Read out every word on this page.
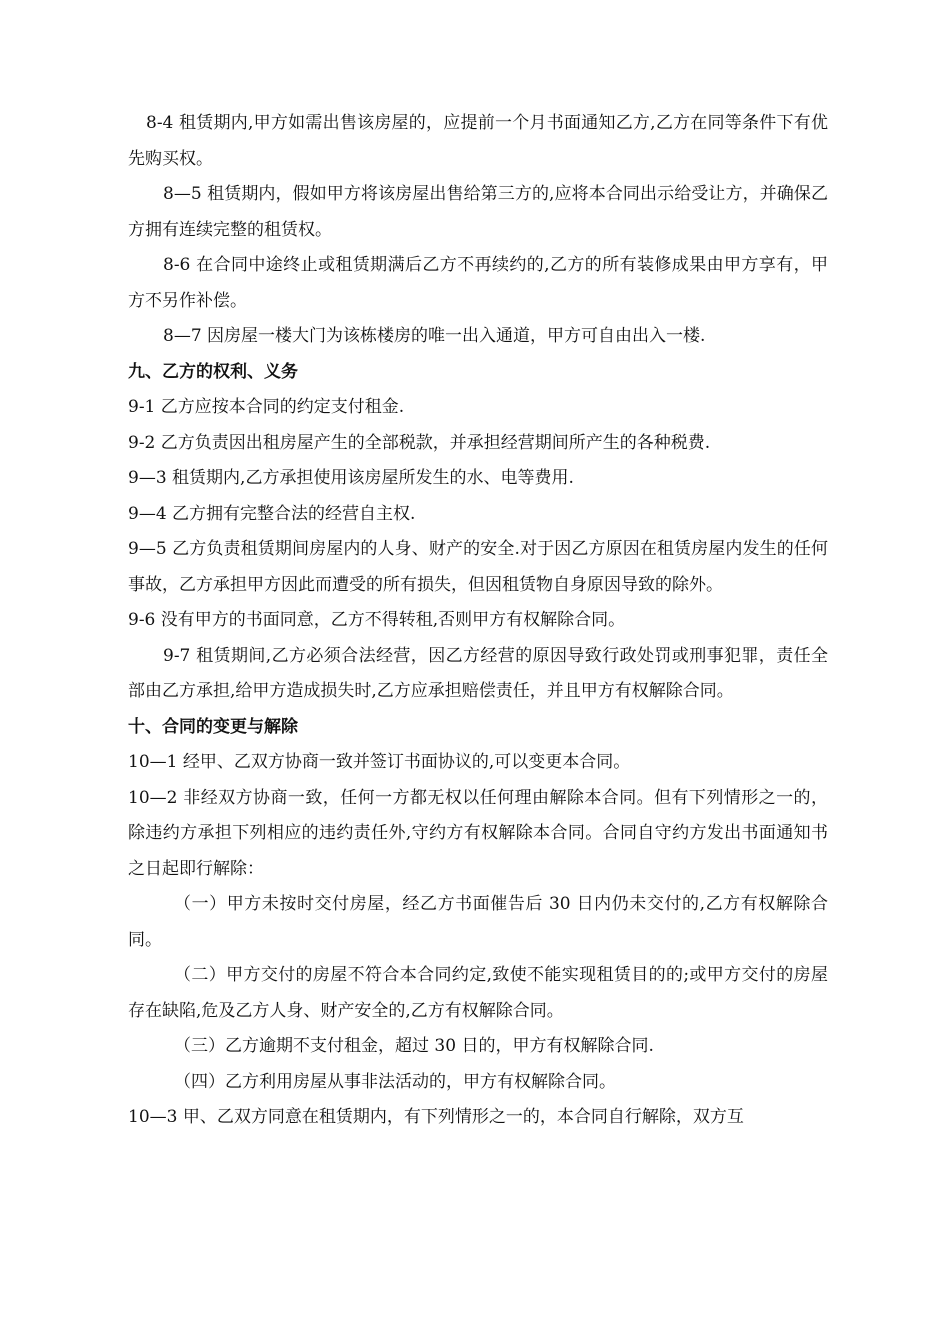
8-4 租赁期内,甲方如需出售该房屋的，应提前一个月书面通知乙方,乙方在同等条件下有优先购买权。

8—5 租赁期内，假如甲方将该房屋出售给第三方的,应将本合同出示给受让方，并确保乙方拥有连续完整的租赁权。

8-6 在合同中途终止或租赁期满后乙方不再续约的,乙方的所有装修成果由甲方享有，甲方不另作补偿。

8—7 因房屋一楼大门为该栋楼房的唯一出入通道，甲方可自由出入一楼.

九、乙方的权利、义务

9-1 乙方应按本合同的约定支付租金.

9-2 乙方负责因出租房屋产生的全部税款，并承担经营期间所产生的各种税费.

9—3 租赁期内,乙方承担使用该房屋所发生的水、电等费用.

9—4 乙方拥有完整合法的经营自主权.

9—5 乙方负责租赁期间房屋内的人身、财产的安全.对于因乙方原因在租赁房屋内发生的任何事故，乙方承担甲方因此而遭受的所有损失，但因租赁物自身原因导致的除外。

9-6 没有甲方的书面同意，乙方不得转租,否则甲方有权解除合同。

9-7 租赁期间,乙方必须合法经营，因乙方经营的原因导致行政处罚或刑事犯罪，责任全部由乙方承担,给甲方造成损失时,乙方应承担赔偿责任，并且甲方有权解除合同。

十、合同的变更与解除

10—1 经甲、乙双方协商一致并签订书面协议的,可以变更本合同。

10—2 非经双方协商一致，任何一方都无权以任何理由解除本合同。但有下列情形之一的，除违约方承担下列相应的违约责任外,守约方有权解除本合同。合同自守约方发出书面通知书之日起即行解除：

（一）甲方未按时交付房屋，经乙方书面催告后 30 日内仍未交付的,乙方有权解除合同。

（二）甲方交付的房屋不符合本合同约定,致使不能实现租赁目的的;或甲方交付的房屋存在缺陷,危及乙方人身、财产安全的,乙方有权解除合同。

（三）乙方逾期不支付租金，超过 30 日的，甲方有权解除合同.

（四）乙方利用房屋从事非法活动的，甲方有权解除合同。

10—3 甲、乙双方同意在租赁期内，有下列情形之一的，本合同自行解除，双方互
